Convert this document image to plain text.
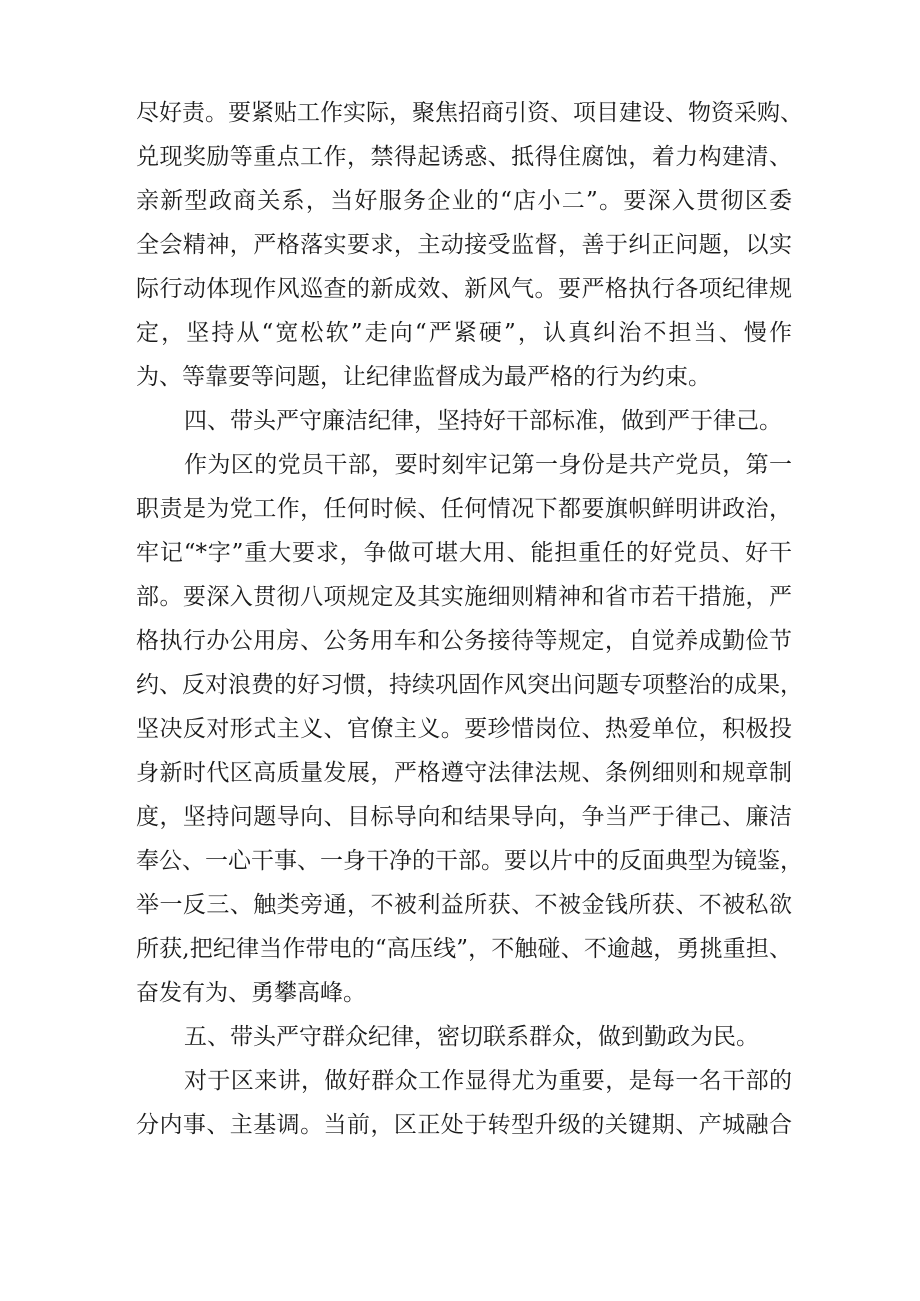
尽好责。要紧贴工作实际，聚焦招商引资、项目建设、物资采购、
兑现奖励等重点工作，禁得起诱惑、抵得住腐蚀，着力构建清、
亲新型政商关系，当好服务企业的“店小二”。要深入贯彻区委
全会精神，严格落实要求，主动接受监督，善于纠正问题，以实
际行动体现作风巡查的新成效、新风气。要严格执行各项纪律规
定，坚持从“宽松软”走向“严紧硬”，认真纠治不担当、慢作
为、等靠要等问题，让纪律监督成为最严格的行为约束。
四、带头严守廉洁纪律，坚持好干部标准，做到严于律己。
作为区的党员干部，要时刻牢记第一身份是共产党员，第一
职责是为党工作，任何时候、任何情况下都要旗帜鲜明讲政治，
牢记“*字”重大要求，争做可堪大用、能担重任的好党员、好干
部。要深入贯彻八项规定及其实施细则精神和省市若干措施，严
格执行办公用房、公务用车和公务接待等规定，自觉养成勤俭节
约、反对浪费的好习惯，持续巩固作风突出问题专项整治的成果，
坚决反对形式主义、官僚主义。要珍惜岗位、热爱单位，积极投
身新时代区高质量发展，严格遵守法律法规、条例细则和规章制
度，坚持问题导向、目标导向和结果导向，争当严于律己、廉洁
奉公、一心干事、一身干净的干部。要以片中的反面典型为镜鉴，
举一反三、触类旁通，不被利益所获、不被金钱所获、不被私欲
所获,把纪律当作带电的“高压线”，不触碰、不逾越，勇挑重担、
奋发有为、勇攀高峰。
五、带头严守群众纪律，密切联系群众，做到勤政为民。
对于区来讲，做好群众工作显得尤为重要，是每一名干部的
分内事、主基调。当前，区正处于转型升级的关键期、产城融合
